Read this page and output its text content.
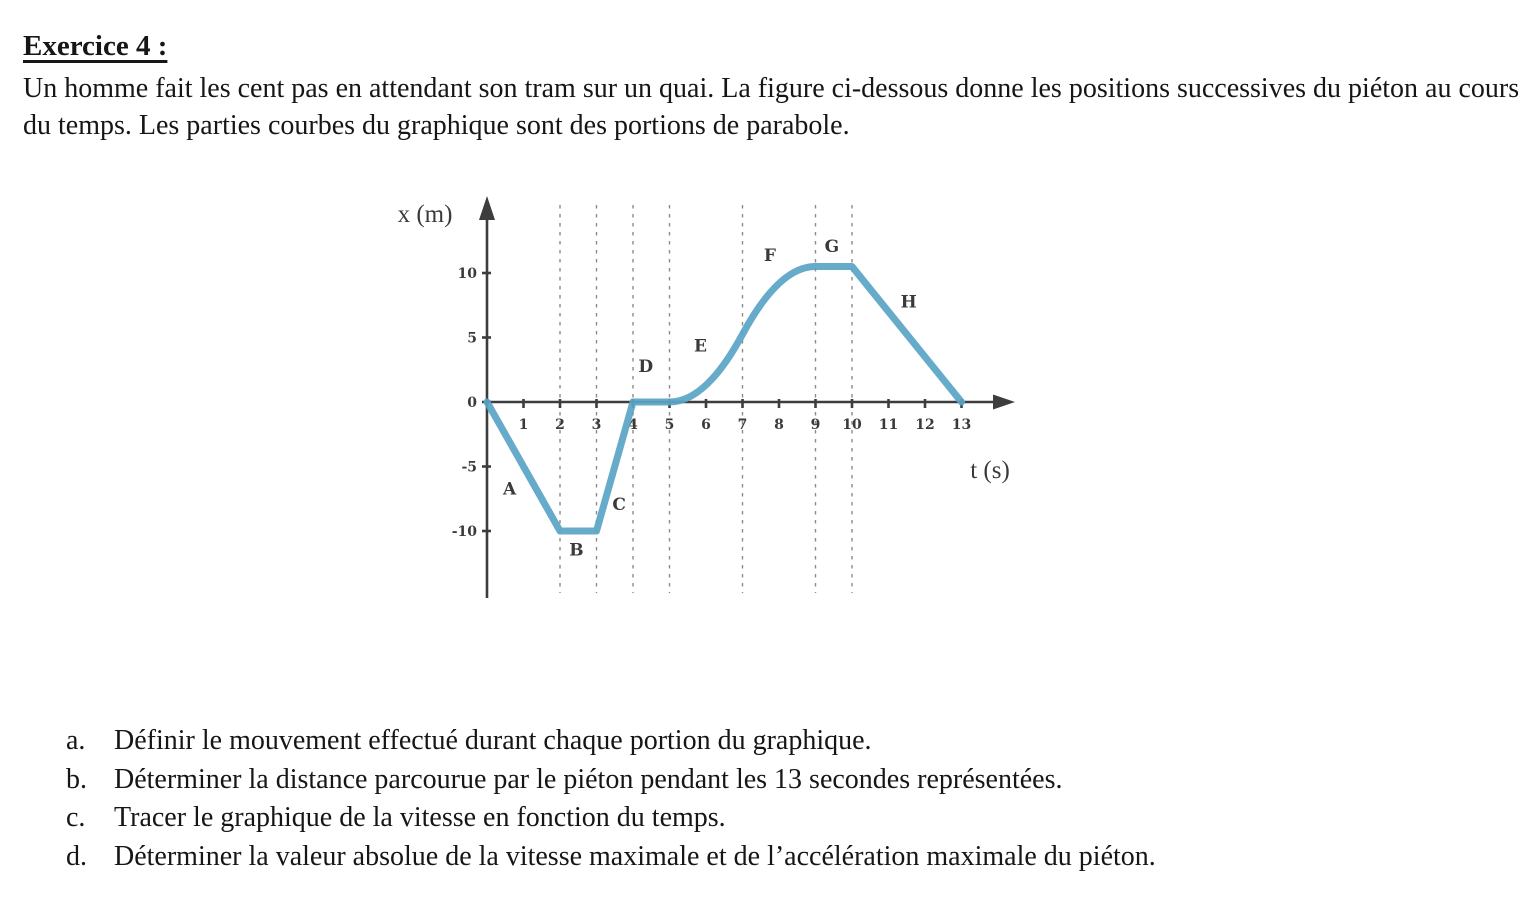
Exercice 4 :

Un homme fait les cent pas en attendant son tram sur un quai. La figure ci-dessous donne les positions successives du piéton au cours du temps. Les parties courbes du graphique sont des portions de parabole.

1 2 3 4 5 6 7 8 9 10 11 12 13
10
5
0
-5
-10
A
B
C
D
E
F	G
H
x (m)
t (s)
a.	Définir le mouvement effectué durant chaque portion du graphique.
b. Déterminer la distance parcourue par le piéton pendant les 13 secondes représentées.
c.	Tracer le graphique de la vitesse en fonction du temps.
d. Déterminer la valeur absolue de la vitesse maximale et de l’accélération maximale du piéton.
